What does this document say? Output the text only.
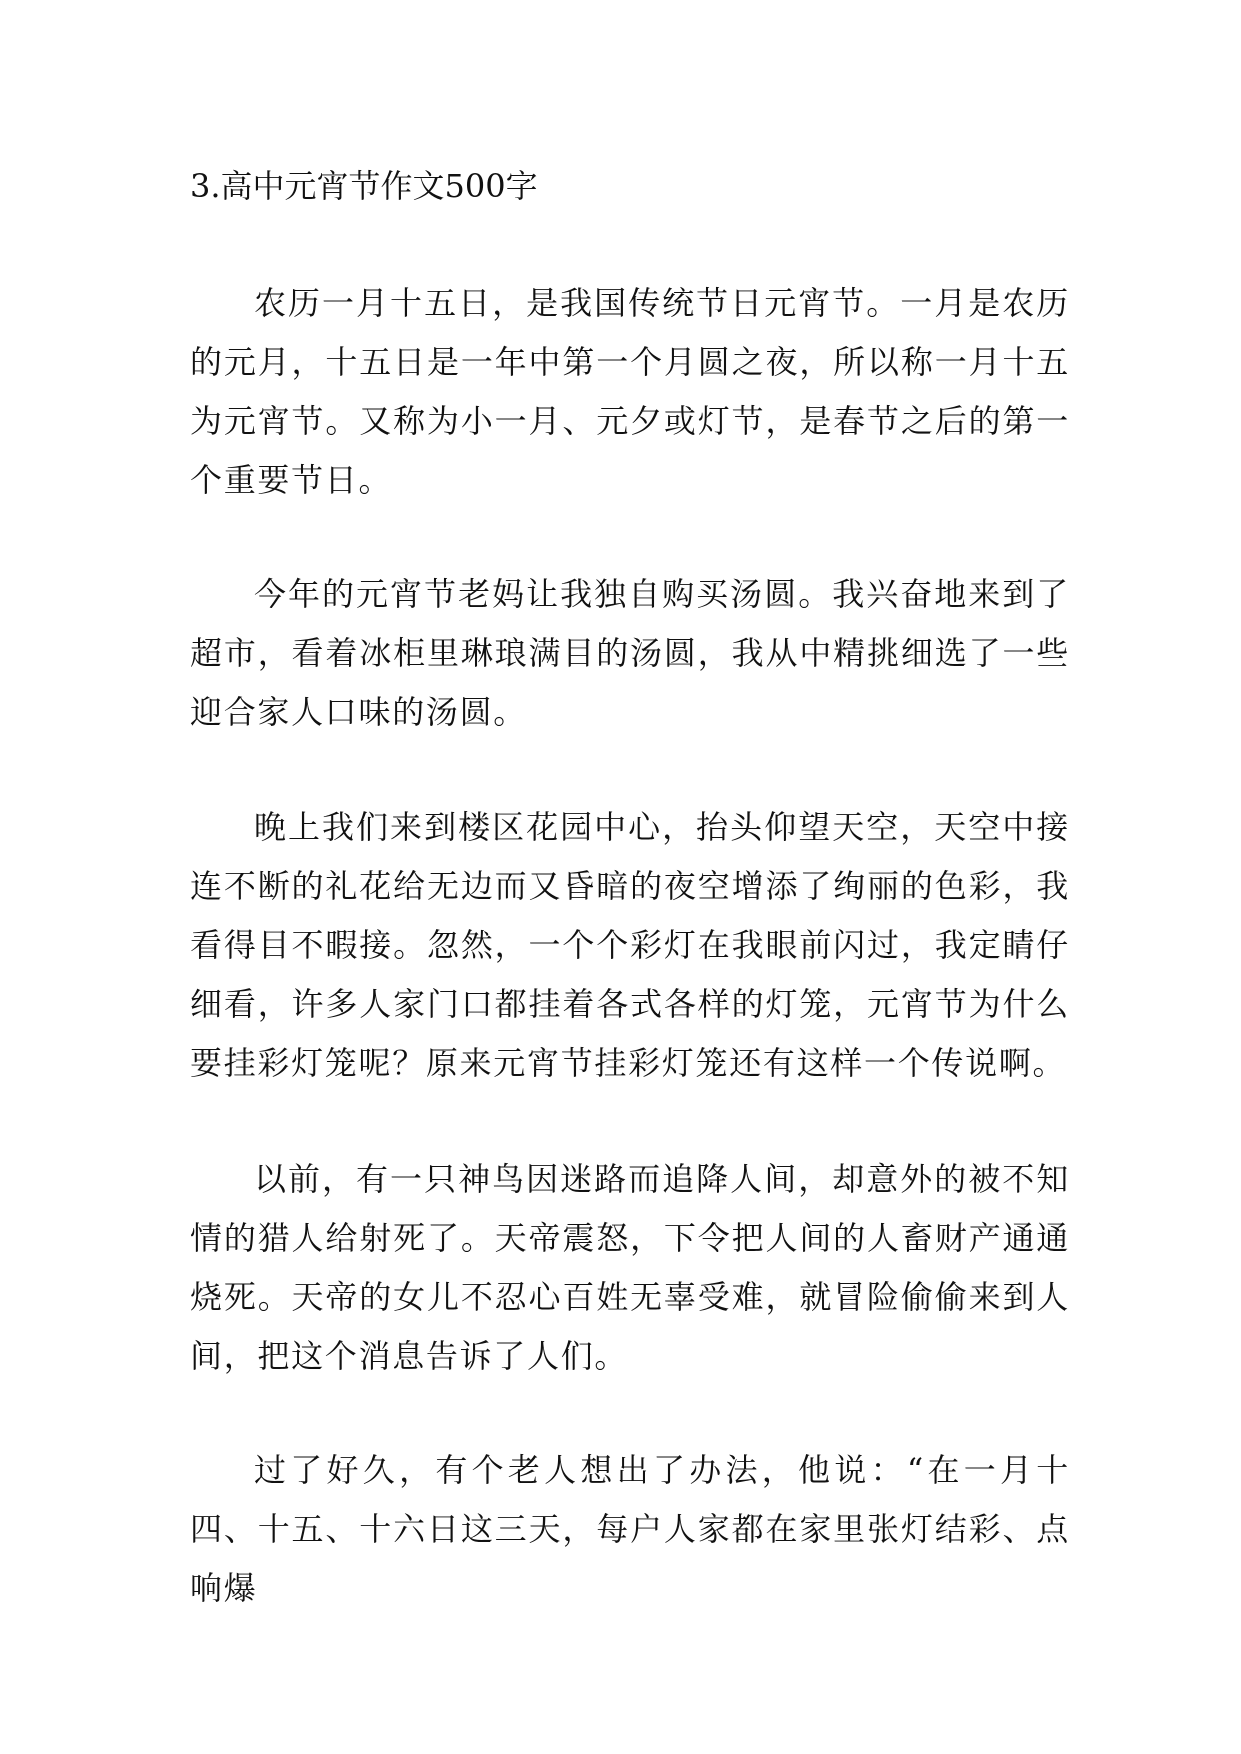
3.高中元宵节作文500字

农历一月十五日，是我国传统节日元宵节。一月是农历的元月，十五日是一年中第一个月圆之夜，所以称一月十五为元宵节。又称为小一月、元夕或灯节，是春节之后的第一个重要节日。

今年的元宵节老妈让我独自购买汤圆。我兴奋地来到了超市，看着冰柜里琳琅满目的汤圆，我从中精挑细选了一些迎合家人口味的汤圆。

晚上我们来到楼区花园中心，抬头仰望天空，天空中接连不断的礼花给无边而又昏暗的夜空增添了绚丽的色彩，我看得目不暇接。忽然，一个个彩灯在我眼前闪过，我定睛仔细看，许多人家门口都挂着各式各样的灯笼，元宵节为什么要挂彩灯笼呢？原来元宵节挂彩灯笼还有这样一个传说啊。

以前，有一只神鸟因迷路而追降人间，却意外的被不知情的猎人给射死了。天帝震怒，下令把人间的人畜财产通通烧死。天帝的女儿不忍心百姓无辜受难，就冒险偷偷来到人间，把这个消息告诉了人们。

过了好久，有个老人想出了办法，他说：“在一月十四、十五、十六日这三天，每户人家都在家里张灯结彩、点响爆
